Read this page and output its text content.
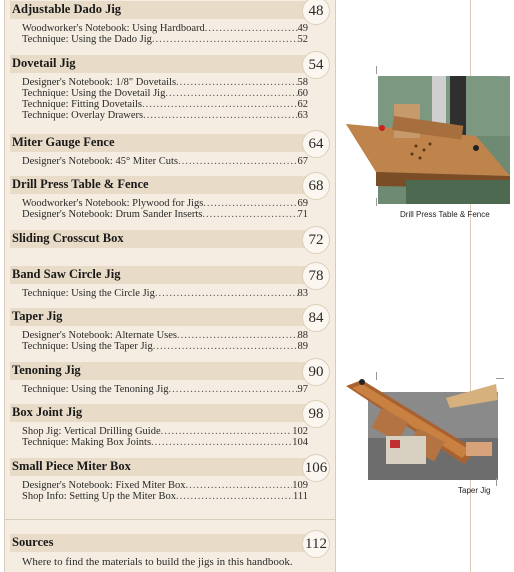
Adjustable Dado Jig	48
Woodworker's Notebook: Using Hardboard .....	49
Technique: Using the Dado Jig .....	52
Dovetail Jig	54
Designer's Notebook: 1/8" Dovetails .....	58
Technique: Using the Dovetail Jig .....	60
Technique: Fitting Dovetails .....	62
Technique: Overlay Drawers .....	63
Miter Gauge Fence	64
Designer's Notebook: 45° Miter Cuts .....	67
Drill Press Table & Fence	68
Woodworker's Notebook: Plywood for Jigs .....	69
Designer's Notebook: Drum Sander Inserts .....	71
Sliding Crosscut Box	72
Band Saw Circle Jig	78
Technique: Using the Circle Jig .....	83
Taper Jig	84
Designer's Notebook: Alternate Uses .....	88
Technique: Using the Taper Jig .....	89
Tenoning Jig	90
Technique: Using the Tenoning Jig .....	97
Box Joint Jig	98
Shop Jig: Vertical Drilling Guide .....	102
Technique: Making Box Joints .....	104
Small Piece Miter Box	106
Designer's Notebook: Fixed Miter Box .....	109
Shop Info: Setting Up the Miter Box .....	111
Sources	112
Where to find the materials to build the jigs in this handbook.
Drill Press Table & Fence
Taper Jig
